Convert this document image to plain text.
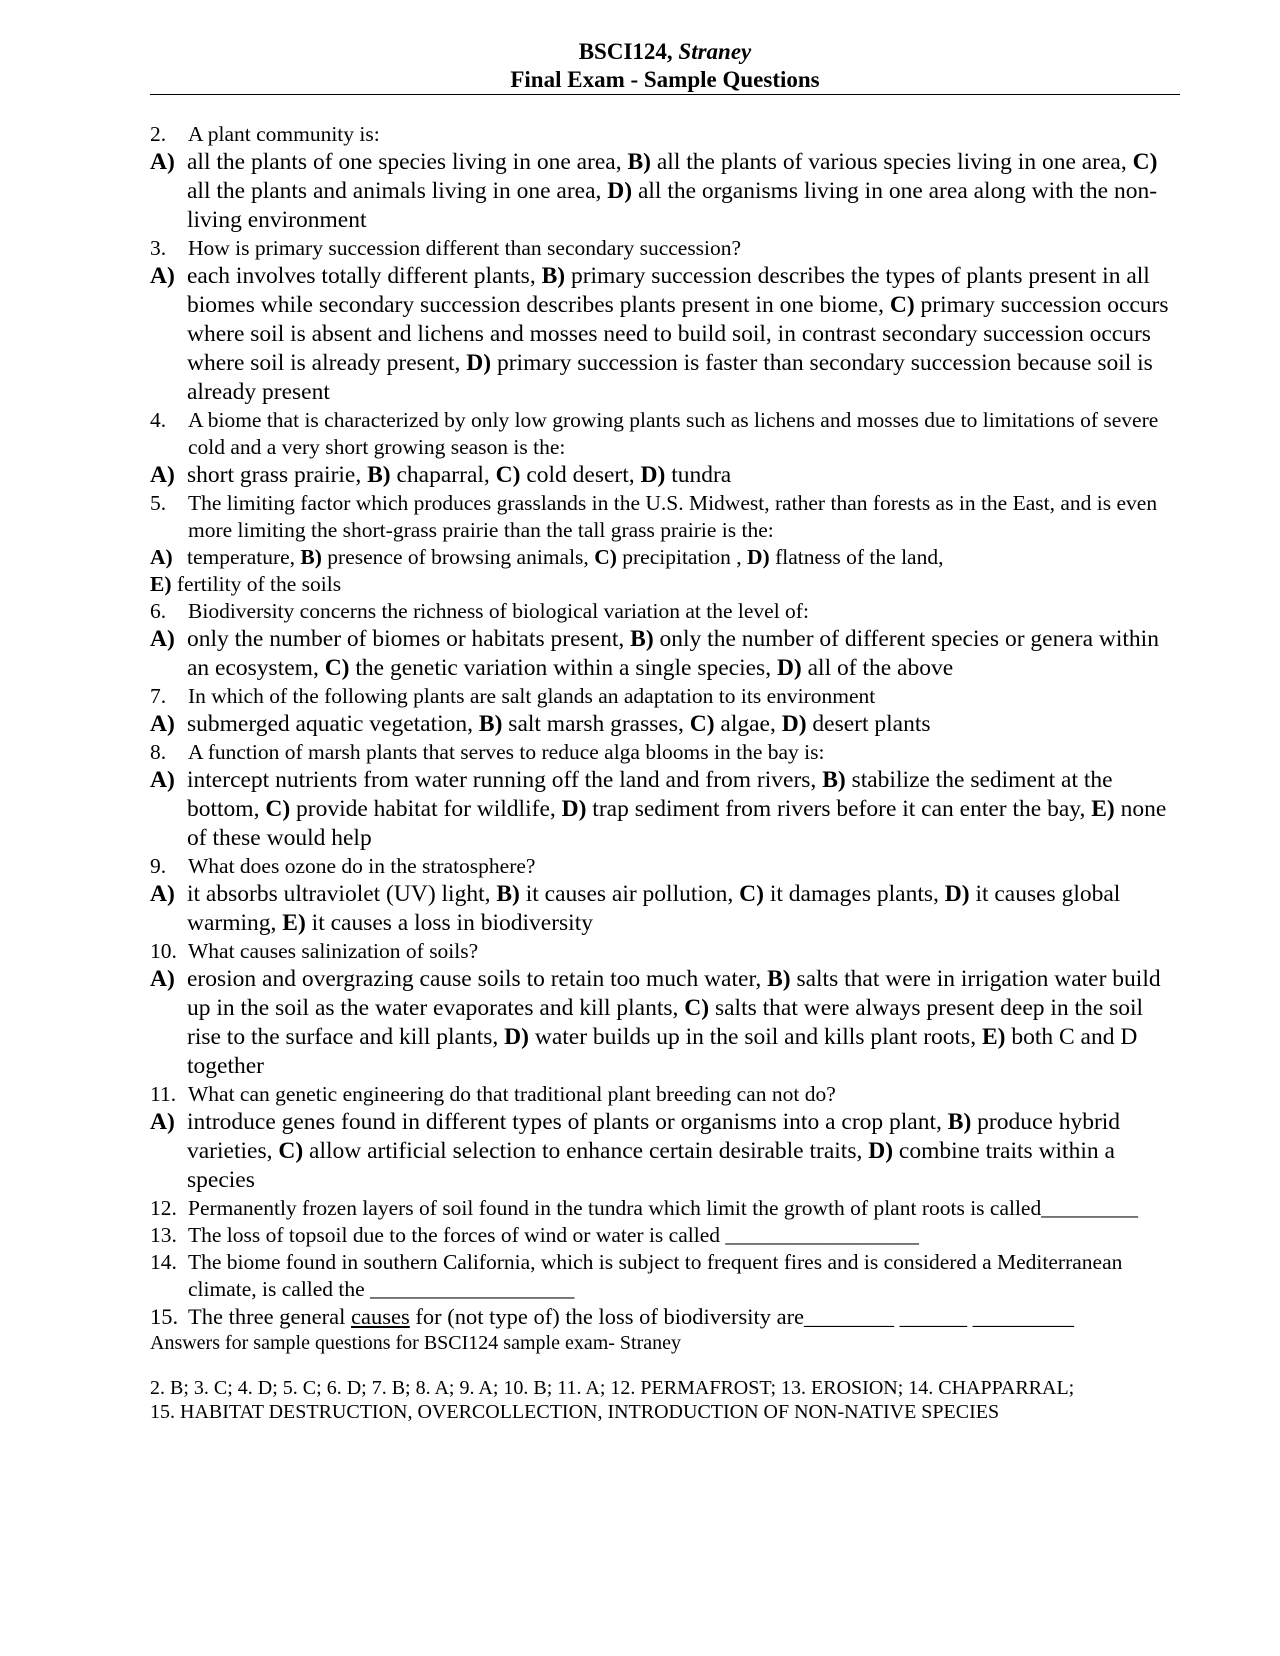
BSCI124, Straney
Final Exam - Sample Questions
2. A plant community is:
A) all the plants of one species living in one area, B) all the plants of various species living in one area, C) all the plants and animals living in one area, D) all the organisms living in one area along with the non-living environment
3. How is primary succession different than secondary succession?
A) each involves totally different plants, B) primary succession describes the types of plants present in all biomes while secondary succession describes plants present in one biome, C) primary succession occurs where soil is absent and lichens and mosses need to build soil, in contrast secondary succession occurs where soil is already present, D) primary succession is faster than secondary succession because soil is already present
4. A biome that is characterized by only low growing plants such as lichens and mosses due to limitations of severe cold and a very short growing season is the:
A) short grass prairie, B) chaparral, C) cold desert, D) tundra
5. The limiting factor which produces grasslands in the U.S. Midwest, rather than forests as in the East, and is even more limiting the short-grass prairie than the tall grass prairie is the:
A) temperature, B) presence of browsing animals, C) precipitation , D) flatness of the land,
E) fertility of the soils
6. Biodiversity concerns the richness of biological variation at the level of:
A) only the number of biomes or habitats present, B) only the number of different species or genera within an ecosystem, C) the genetic variation within a single species, D) all of the above
7. In which of the following plants are salt glands an adaptation to its environment
A) submerged aquatic vegetation, B) salt marsh grasses, C) algae, D) desert plants
8. A function of marsh plants that serves to reduce alga blooms in the bay is:
A) intercept nutrients from water running off the land and from rivers, B) stabilize the sediment at the bottom, C) provide habitat for wildlife, D) trap sediment from rivers before it can enter the bay, E) none of these would help
9. What does ozone do in the stratosphere?
A) it absorbs ultraviolet (UV) light, B) it causes air pollution, C) it damages plants, D) it causes global warming, E) it causes a loss in biodiversity
10. What causes salinization of soils?
A) erosion and overgrazing cause soils to retain too much water, B) salts that were in irrigation water build up in the soil as the water evaporates and kill plants, C) salts that were always present deep in the soil rise to the surface and kill plants, D) water builds up in the soil and kills plant roots, E) both C and D together
11. What can genetic engineering do that traditional plant breeding can not do?
A) introduce genes found in different types of plants or organisms into a crop plant, B) produce hybrid varieties, C) allow artificial selection to enhance certain desirable traits, D) combine traits within a species
12. Permanently frozen layers of soil found in the tundra which limit the growth of plant roots is called_________
13. The loss of topsoil due to the forces of wind or water is called __________________
14. The biome found in southern California, which is subject to frequent fires and is considered a Mediterranean climate, is called the ___________________
15. The three general causes for (not type of) the loss of biodiversity are________ ______ _________
Answers for sample questions for BSCI124 sample exam- Straney
2. B; 3. C; 4. D; 5. C; 6. D; 7. B; 8. A; 9. A; 10. B; 11. A; 12. PERMAFROST; 13. EROSION; 14. CHAPPARRAL;
15. HABITAT DESTRUCTION, OVERCOLLECTION, INTRODUCTION OF NON-NATIVE SPECIES
